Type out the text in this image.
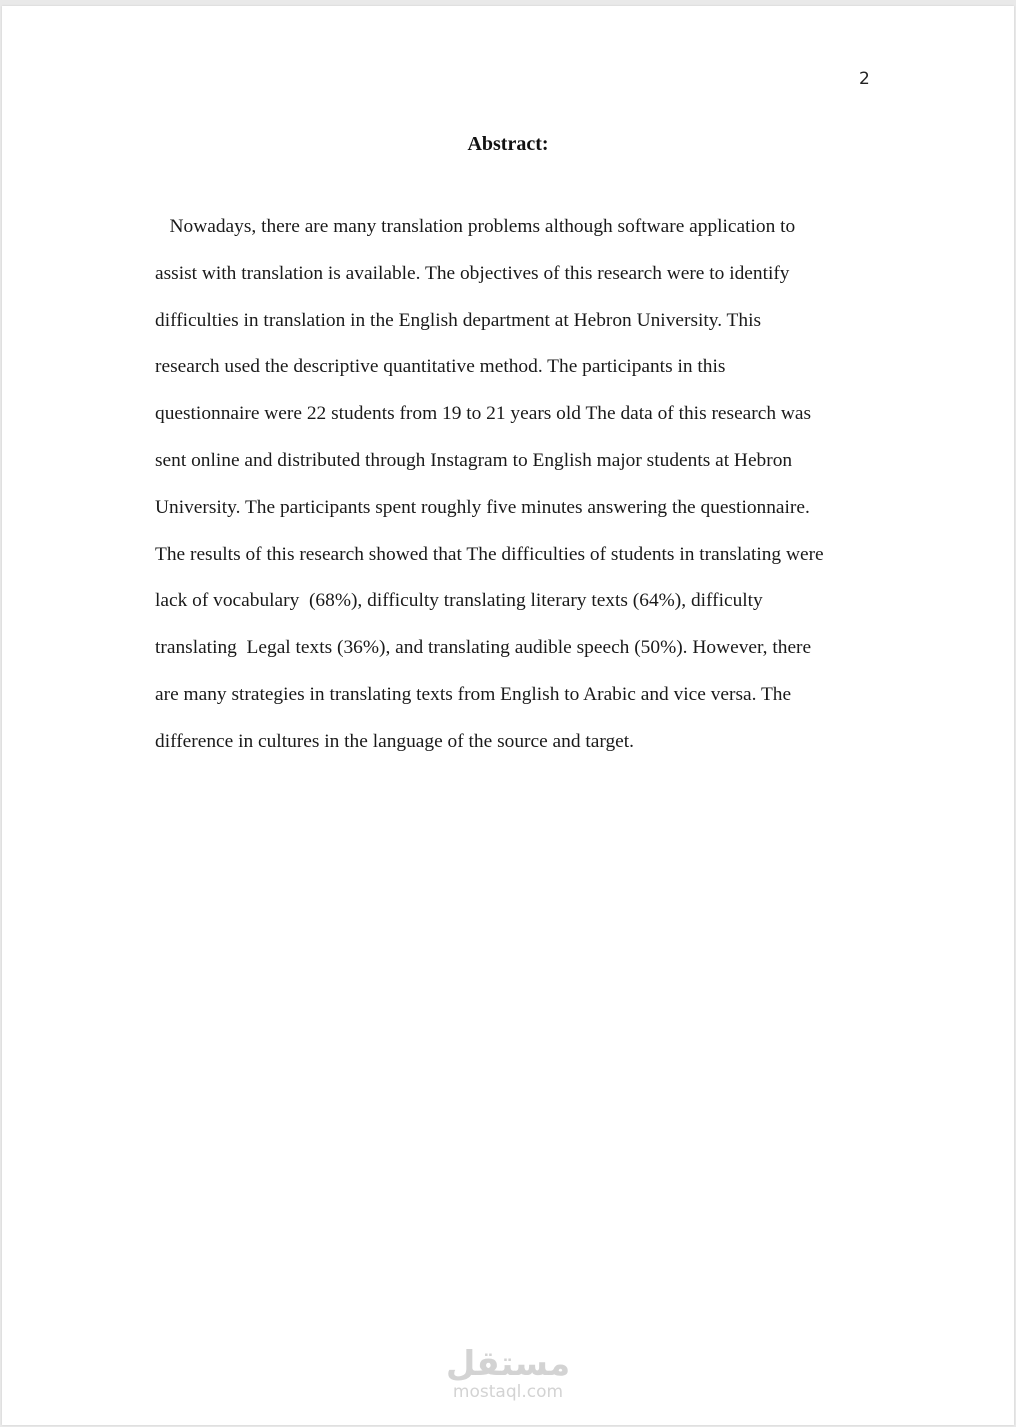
2
Abstract:
Nowadays, there are many translation problems although software application to
assist with translation is available. The objectives of this research were to identify
difficulties in translation in the English department at Hebron University. This
research used the descriptive quantitative method. The participants in this
questionnaire were 22 students from 19 to 21 years old The data of this research was
sent online and distributed through Instagram to English major students at Hebron
University. The participants spent roughly five minutes answering the questionnaire.
The results of this research showed that The difficulties of students in translating were
lack of vocabulary  (68%), difficulty translating literary texts (64%), difficulty
translating  Legal texts (36%), and translating audible speech (50%). However, there
are many strategies in translating texts from English to Arabic and vice versa. The
difference in cultures in the language of the source and target.
مستقل
mostaql.com
